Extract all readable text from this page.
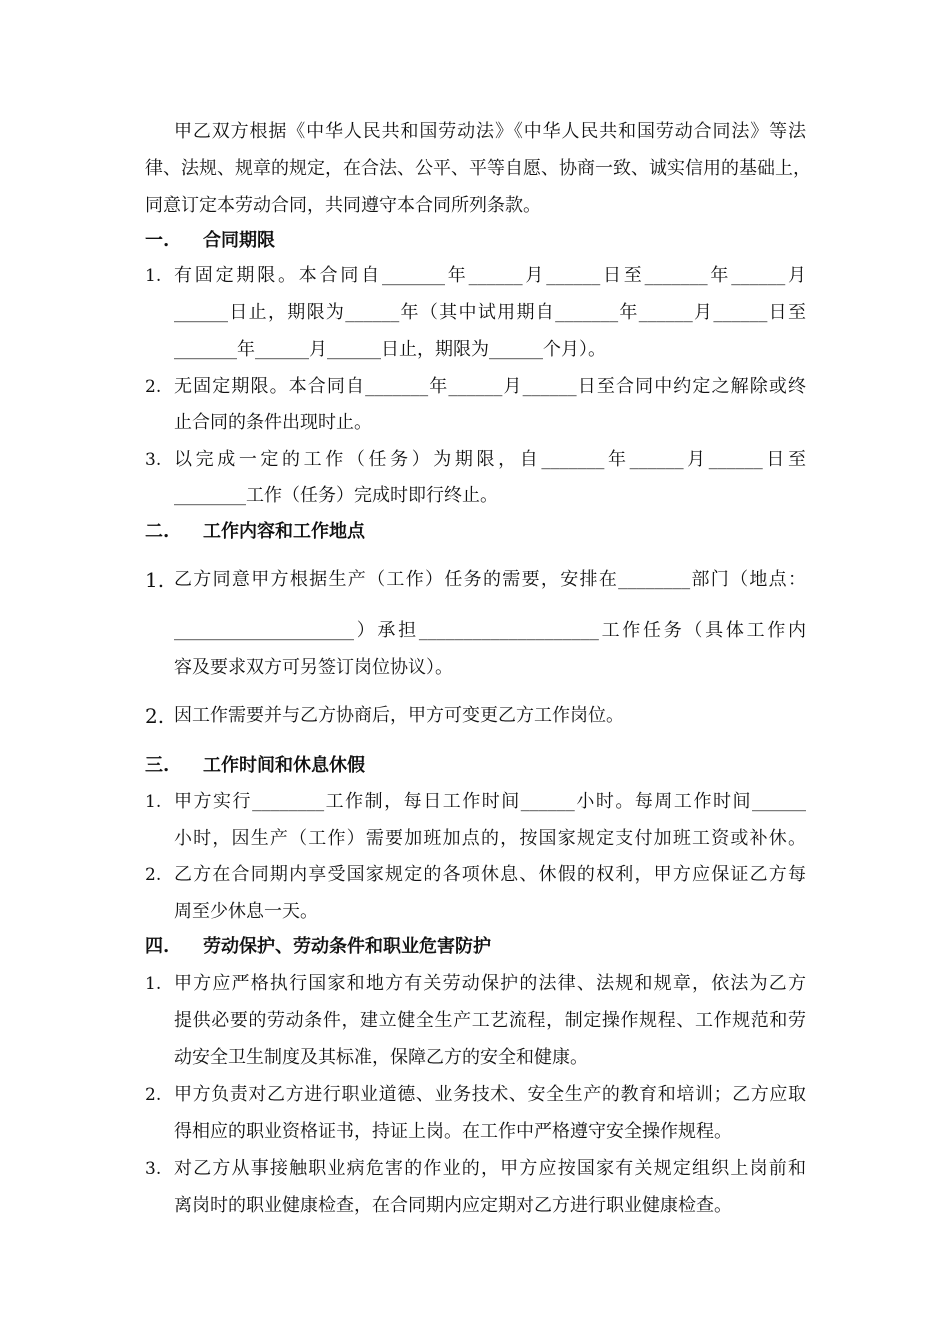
甲乙双方根据《中华人民共和国劳动法》《中华人民共和国劳动合同法》等法
律、法规、规章的规定，在合法、公平、平等自愿、协商一致、诚实信用的基础上，
同意订定本劳动合同，共同遵守本合同所列条款。
一. 合同期限
1. 有固定期限。本合同自_______年______月______日至_______年______月
______日止，期限为______年（其中试用期自_______年______月______日至
_______年______月______日止，期限为______个月）。
2. 无固定期限。本合同自_______年______月______日至合同中约定之解除或终
止合同的条件出现时止。
3. 以完成一定的工作（任务）为期限，自_______年______月______日至
________工作（任务）完成时即行终止。
二. 工作内容和工作地点
1. 乙方同意甲方根据生产（工作）任务的需要，安排在________部门（地点：
____________________）承担____________________工作任务（具体工作内
容及要求双方可另签订岗位协议）。
2. 因工作需要并与乙方协商后，甲方可变更乙方工作岗位。
三. 工作时间和休息休假
1. 甲方实行________工作制，每日工作时间______小时。每周工作时间______
小时，因生产（工作）需要加班加点的，按国家规定支付加班工资或补休。
2. 乙方在合同期内享受国家规定的各项休息、休假的权利，甲方应保证乙方每
周至少休息一天。
四. 劳动保护、劳动条件和职业危害防护
1. 甲方应严格执行国家和地方有关劳动保护的法律、法规和规章，依法为乙方
提供必要的劳动条件，建立健全生产工艺流程，制定操作规程、工作规范和劳
动安全卫生制度及其标准，保障乙方的安全和健康。
2. 甲方负责对乙方进行职业道德、业务技术、安全生产的教育和培训；乙方应取
得相应的职业资格证书，持证上岗。在工作中严格遵守安全操作规程。
3. 对乙方从事接触职业病危害的作业的，甲方应按国家有关规定组织上岗前和
离岗时的职业健康检查，在合同期内应定期对乙方进行职业健康检查。
